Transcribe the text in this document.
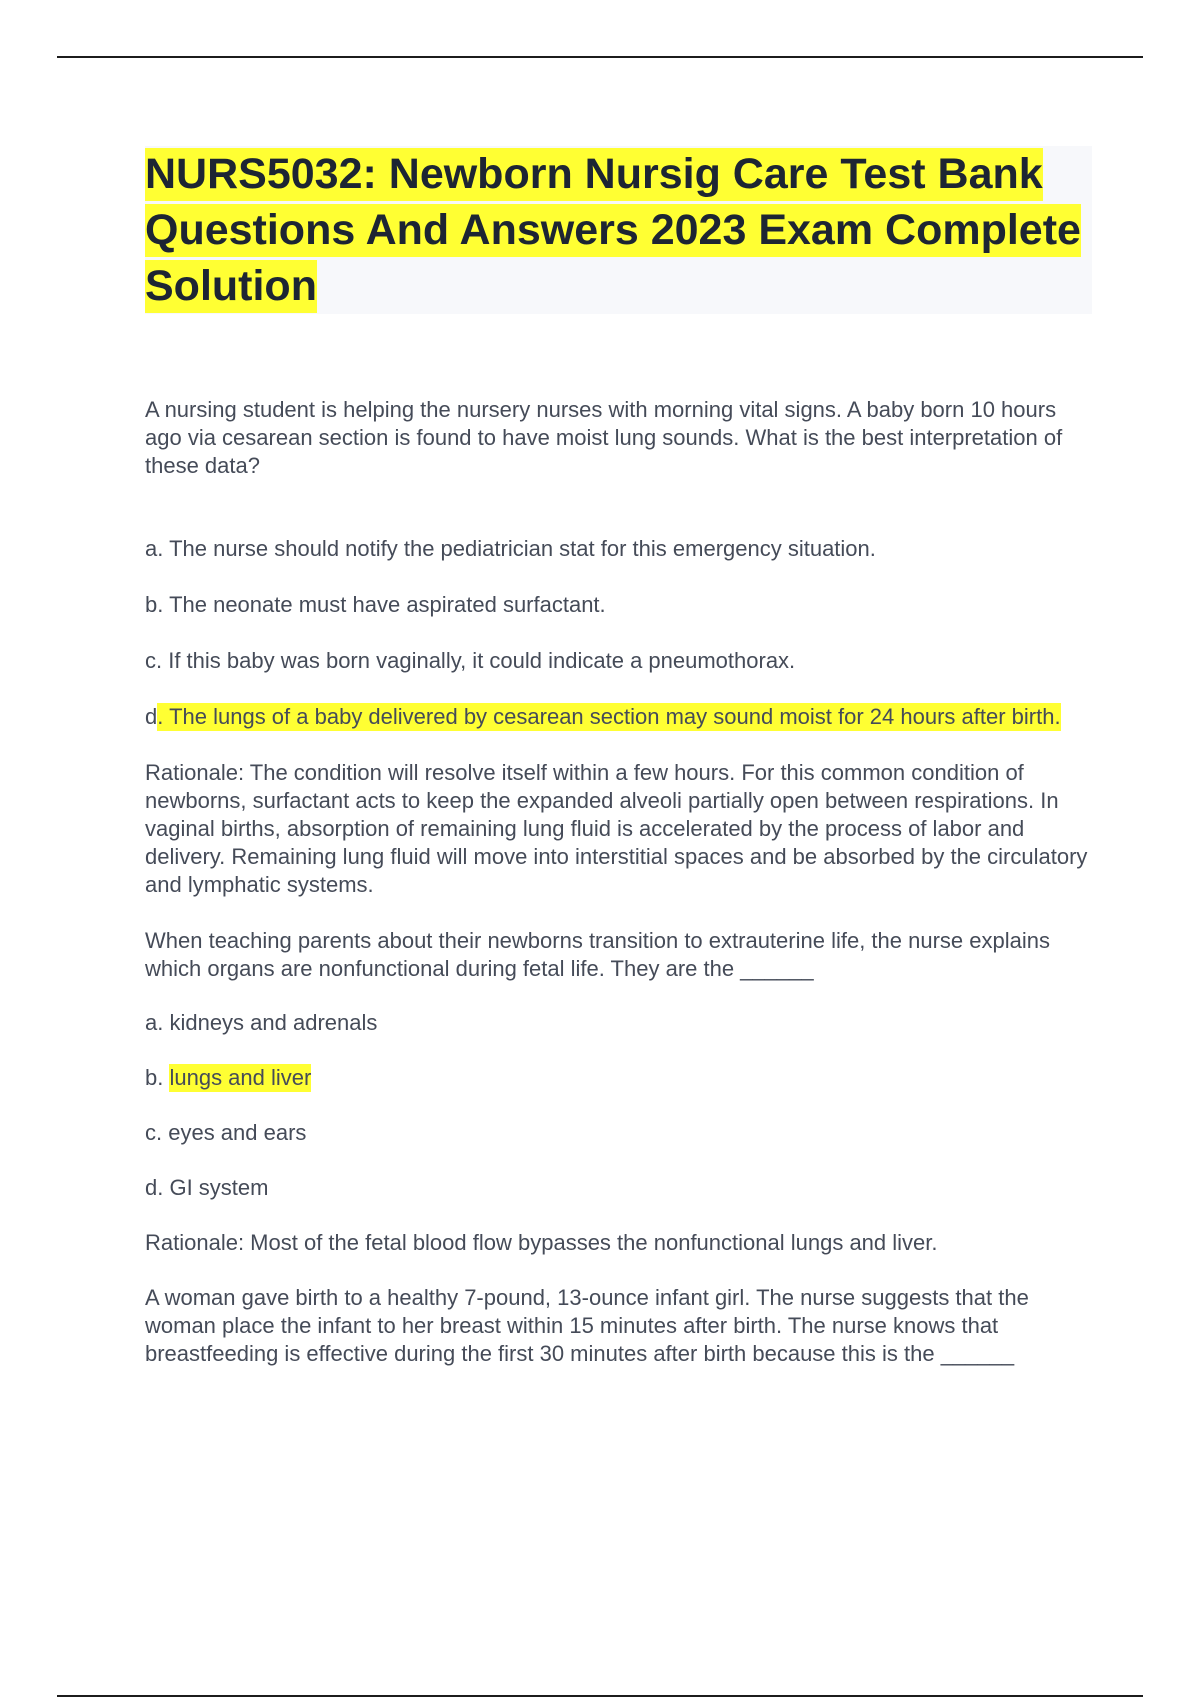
NURS5032: Newborn Nursig Care Test Bank Questions And Answers 2023 Exam Complete Solution

A nursing student is helping the nursery nurses with morning vital signs. A baby born 10 hours ago via cesarean section is found to have moist lung sounds. What is the best interpretation of these data?

a. The nurse should notify the pediatrician stat for this emergency situation.

b. The neonate must have aspirated surfactant.

c. If this baby was born vaginally, it could indicate a pneumothorax.

d. The lungs of a baby delivered by cesarean section may sound moist for 24 hours after birth.

Rationale: The condition will resolve itself within a few hours. For this common condition of newborns, surfactant acts to keep the expanded alveoli partially open between respirations. In vaginal births, absorption of remaining lung fluid is accelerated by the process of labor and delivery. Remaining lung fluid will move into interstitial spaces and be absorbed by the circulatory and lymphatic systems.

When teaching parents about their newborns transition to extrauterine life, the nurse explains which organs are nonfunctional during fetal life. They are the ______

a. kidneys and adrenals

b. lungs and liver

c. eyes and ears

d. GI system

Rationale: Most of the fetal blood flow bypasses the nonfunctional lungs and liver.

A woman gave birth to a healthy 7-pound, 13-ounce infant girl. The nurse suggests that the woman place the infant to her breast within 15 minutes after birth. The nurse knows that breastfeeding is effective during the first 30 minutes after birth because this is the ______
